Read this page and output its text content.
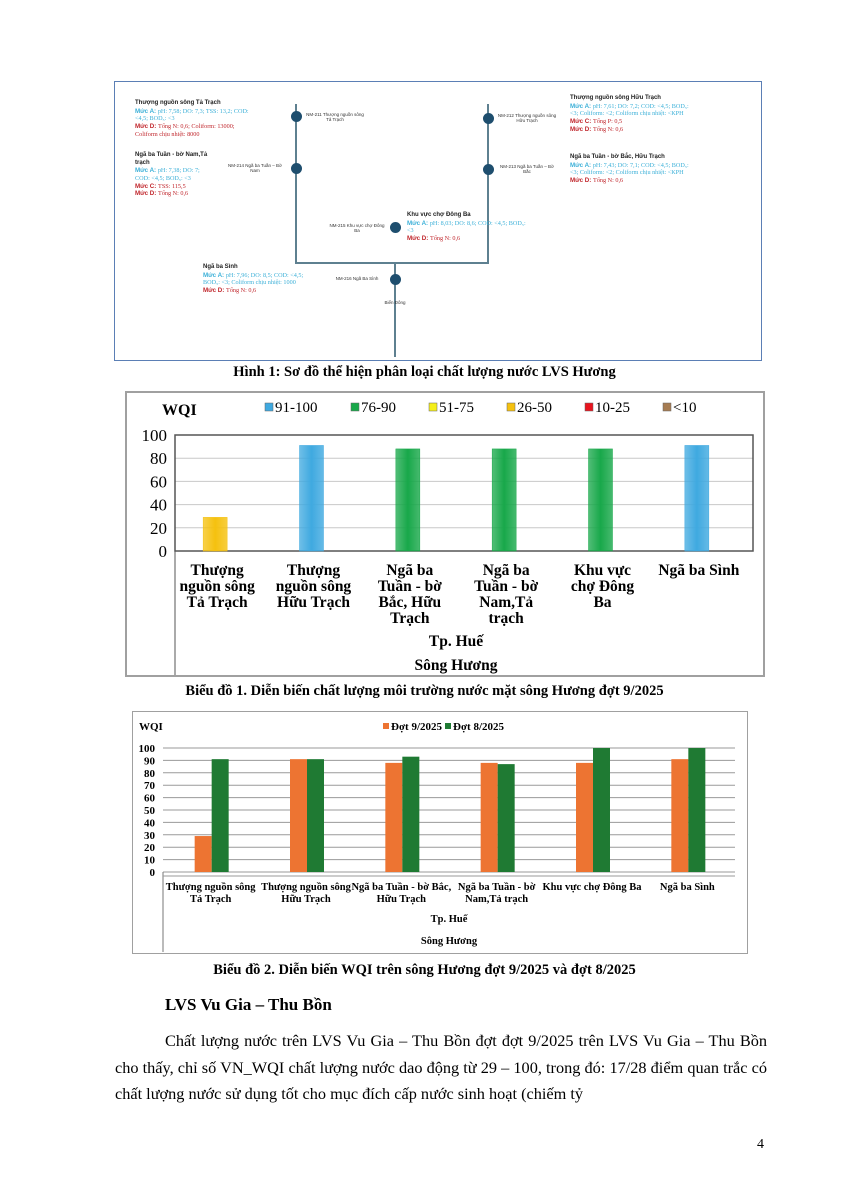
NM-211 Thượng nguồn sông Tả Trạch
NM-214 Ngã ba Tuần – Bờ Nam
NM-212 Thượng nguồn sông Hữu Trạch
NM-213 Ngã ba Tuần – Bờ Bắc
NM-215 Khu vực chợ Đông Ba
NM-216 Ngã Ba Sình
Biển Đông
Thượng nguồn sông Tả Trạch
Mức A: pH: 7,58; DO: 7,3; TSS: 13,2; COD: <4,5; BOD₅: <3
Mức D: Tổng N: 0,6; Coliform: 13000; Coliform chịu nhiệt: 8000
Ngã ba Tuần - bờ Nam,Tả trạch
Mức A: pH: 7,38; DO: 7; COD: <4,5; BOD₅: <3
Mức C: TSS: 115,5
Mức D: Tổng N: 0,6
Thượng nguồn sông Hữu Trạch
Mức A: pH: 7,61; DO: 7,2; COD: <4,5; BOD₅: <3; Coliform: <2; Coliform chịu nhiệt: <KPH
Mức C: Tổng P: 0,5
Mức D: Tổng N: 0,6
Ngã ba Tuần - bờ Bắc, Hữu Trạch
Mức A: pH: 7,43; DO: 7,1; COD: <4,5; BOD₅: <3; Coliform: <2; Coliform chịu nhiệt: <KPH
Mức D: Tổng N: 0,6
Khu vực chợ Đông Ba
Mức A: pH: 8,03; DO: 8,6; COD: <4,5; BOD₅: <3
Mức D: Tổng N: 0,6
Ngã ba Sình
Mức A: pH: 7,96; DO: 8,5; COD: <4,5; BOD₅: <3; Coliform chịu nhiệt: 1000
Mức D: Tổng N: 0,6
Hình 1: Sơ đồ thể hiện phân loại chất lượng nước LVS Hương
0
20
40
60
80
100
WQI	91-100	76-90	51-75	26-50	10-25	<10
Thượng
nguồn sông
Tả Trạch
Thượng
nguồn sông
Hữu Trạch
Ngã ba
Tuần - bờ
Bắc, Hữu
Trạch
Ngã ba
Tuần - bờ
Nam,Tả
trạch
Khu vực
chợ Đông
Ba
Ngã ba Sình
Tp. Huế
Sông Hương
Biểu đồ 1. Diễn biến chất lượng môi trường nước mặt sông Hương đợt 9/2025
0
10
20
30
40
50
60
70
80
90
100
WQI	Đợt 9/2025 Đợt 8/2025
Thượng nguồn sông
Tả Trạch
Thượng nguồn sông
Hữu Trạch
Ngã ba Tuần - bờ Bắc,
Hữu Trạch
Ngã ba Tuần - bờ
Nam,Tả trạch
Khu vực chợ Đông Ba Ngã ba Sình
Tp. Huế
Sông Hương
Biểu đồ 2. Diễn biến WQI trên sông Hương đợt 9/2025 và đợt 8/2025
LVS Vu Gia – Thu Bồn
Chất lượng nước trên LVS Vu Gia – Thu Bồn đợt đợt 9/2025 trên LVS Vu Gia – Thu Bồn cho thấy, chỉ số VN_WQI chất lượng nước dao động từ 29 – 100, trong đó: 17/28 điểm quan trắc có chất lượng nước sử dụng tốt cho mục đích cấp nước sinh hoạt (chiếm tỷ
4
